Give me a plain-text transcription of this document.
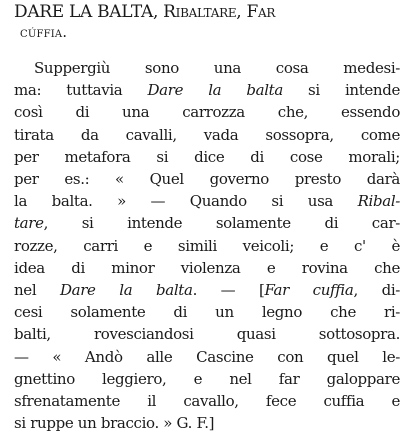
DARE LA BALTA, Ribaltare, Far
cúffia.
Suppergiù sono una cosa medesi-
ma: tuttavia Dare la balta si intende
così di una carrozza che, essendo
tirata da cavalli, vada sossopra, come
per metafora si dice di cose morali;
per es.: « Quel governo presto darà
la balta. » — Quando si usa Ribal-
tare, si intende solamente di car-
rozze, carri e simili veicoli; e c' è
idea di minor violenza e rovina che
nel Dare la balta. — [Far cuffia, di-
cesi solamente di un legno che ri-
balti, rovesciandosi quasi sottosopra.
— « Andò alle Cascine con quel le-
gnettino leggiero, e nel far galoppare
sfrenatamente il cavallo, fece cuffia e
si ruppe un braccio. » G. F.]
